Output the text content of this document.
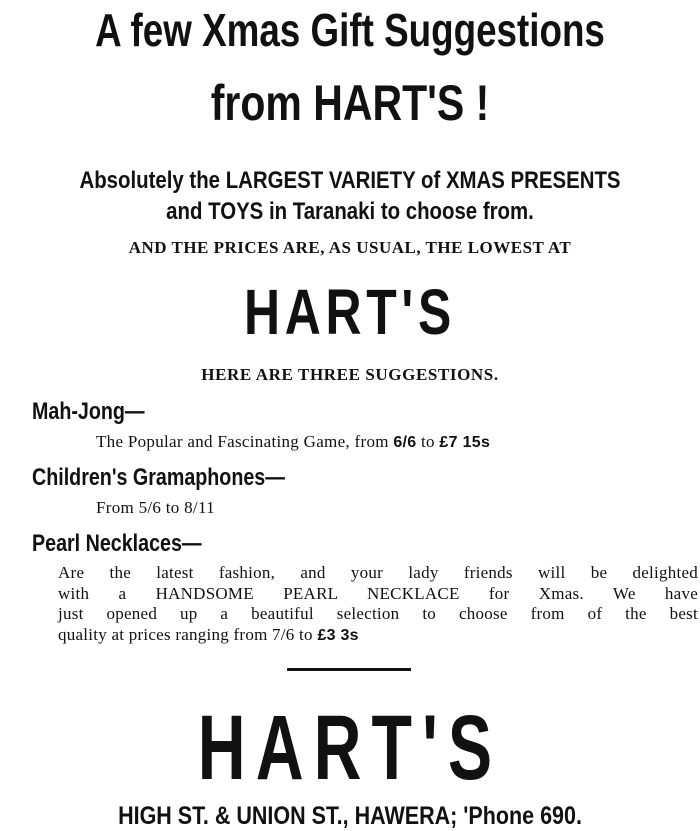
A few Xmas Gift Suggestions
from HART'S !
Absolutely the LARGEST VARIETY of XMAS PRESENTS
and TOYS in Taranaki to choose from.
AND THE PRICES ARE, AS USUAL, THE LOWEST AT
HART'S
HERE ARE THREE SUGGESTIONS.
Mah-Jong—
The Popular and Fascinating Game, from 6/6 to £7 15s
Children's Gramaphones—
From 5/6 to 8/11
Pearl Necklaces—
Are the latest fashion, and your lady friends will be delighted
with a HANDSOME PEARL NECKLACE for Xmas. We have
just opened up a beautiful selection to choose from of the best
quality at prices ranging from 7/6 to £3 3s
HART'S
HIGH ST. & UNION ST., HAWERA; 'Phone 690.
